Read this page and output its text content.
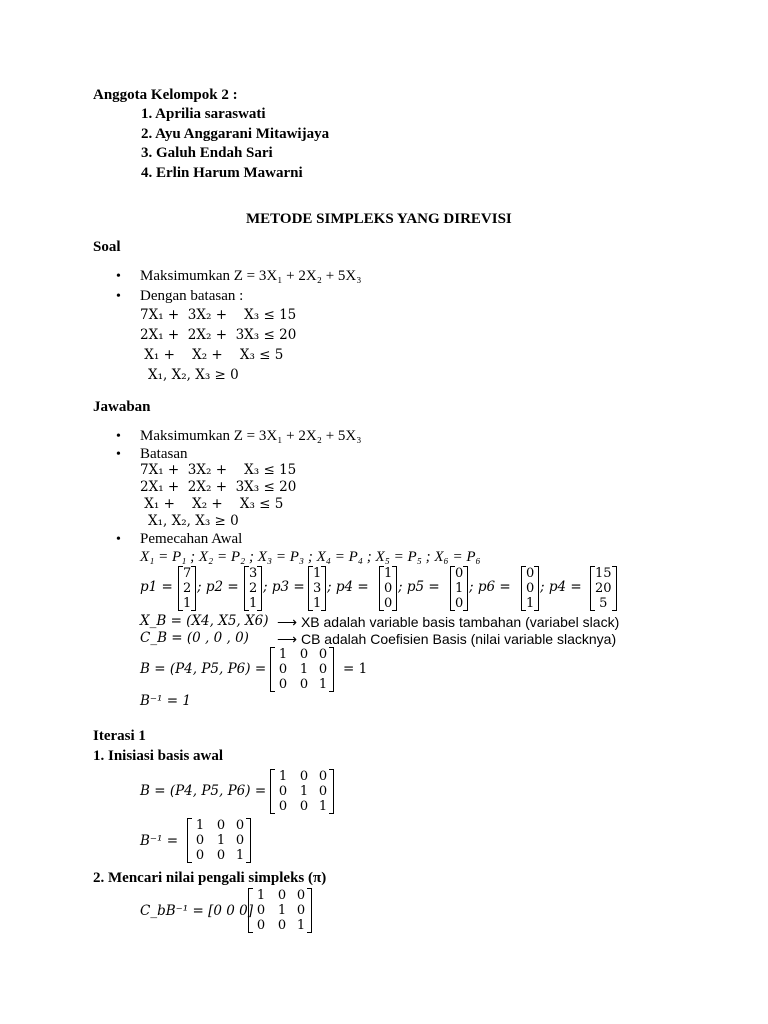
Anggota Kelompok 2 :
1. Aprilia saraswati
2. Ayu Anggarani Mitawijaya
3. Galuh Endah Sari
4. Erlin Harum Mawarni
METODE SIMPLEKS YANG DIREVISI
Soal
• Maksimumkan Z = 3X₁ + 2X₂ + 5X₃
• Dengan batasan :
7X₁ +  3X₂ +    X₃ ≤ 15
2X₁ +  2X₂ +  3X₃ ≤ 20
X₁ +    X₂ +    X₃ ≤ 5
X₁, X₂, X₃ ≥ 0
Jawaban
• Maksimumkan Z = 3X₁ + 2X₂ + 5X₃
• Batasan
7X₁ +  3X₂ +    X₃ ≤ 15
2X₁ +  2X₂ +  3X₃ ≤ 20
X₁ +    X₂ +    X₃ ≤ 5
X₁, X₂, X₃ ≥ 0
• Pemecahan Awal
X₁ = P₁ ; X₂ = P₂ ; X₃ = P₃ ; X₄ = P₄ ; X₅ = P₅ ; X₆ = P₆
p1 =
7
2
1
; p2 =
3
2
1
; p3 =
1
3
1
; p4 =
1
0
0
; p5 =
0
1
0
; p6 =
0
0
1
; p4 =
15
20
5
X_B = (X4, X5, X6) ⟶ XB adalah variable basis tambahan (variabel slack)
C_B = (0 , 0 , 0) ⟶ CB adalah Coefisien Basis (nilai variable slacknya)
B = (P4, P5, P6) =
1 0 0
0 1 0
0 0 1
= 1
B⁻¹ = 1
Iterasi 1
1. Inisiasi basis awal
B = (P4, P5, P6) =
1 0 0
0 1 0
0 0 1
B⁻¹ =
1 0 0
0 1 0
0 0 1
2. Mencari nilai pengali simpleks (π)
C_bB⁻¹ = [0 0 0]
1 0 0
0 1 0
0 0 1
